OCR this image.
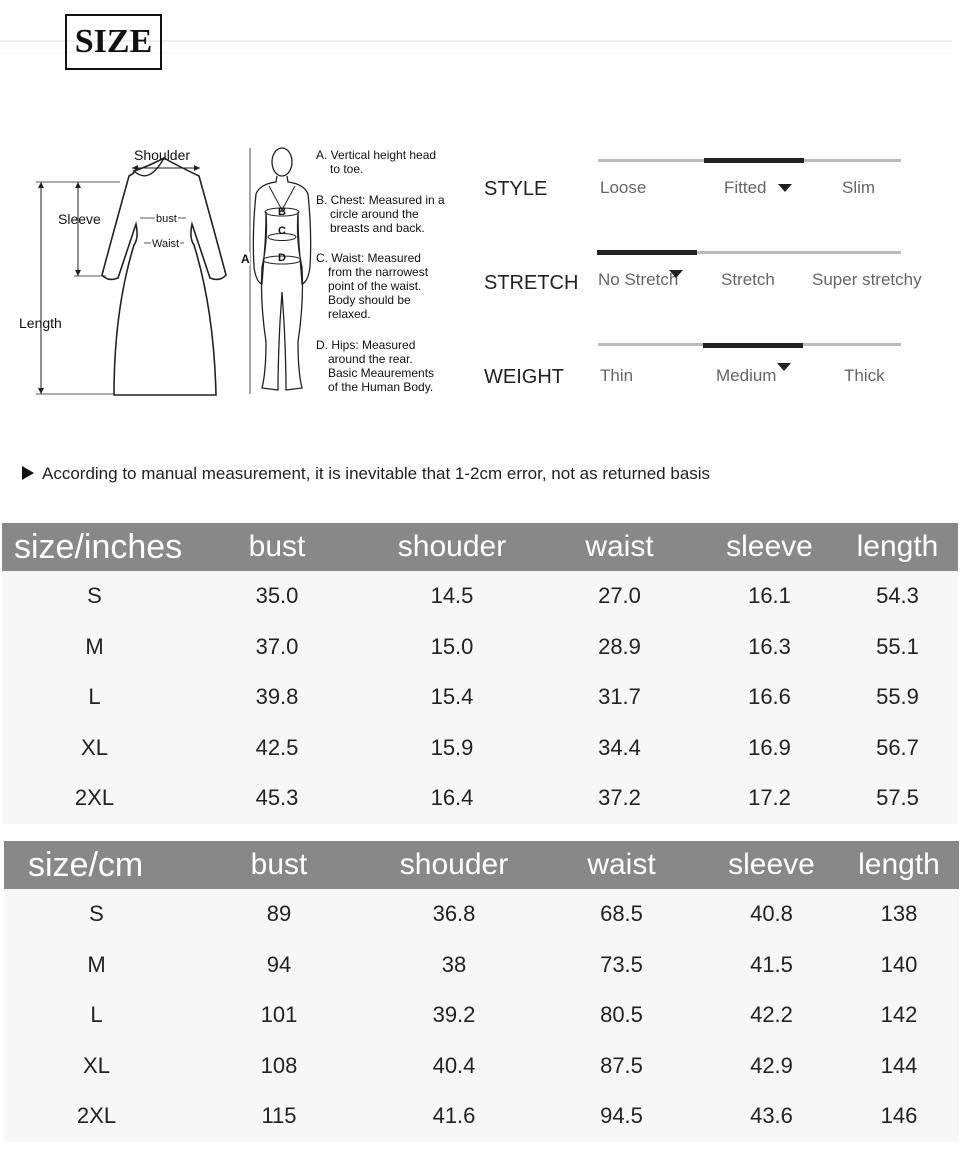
SIZE
Shoulder
Sleeve	bust
Waist
Length
A
B
C
D
A. Vertical height head
to toe.
B. Chest: Measured in a
circle around the
breasts and back.
C. Waist: Measured
from the narrowest
point of the waist.
Body should be
relaxed.
D. Hips: Measured
around the rear.
Basic Meaurements
of the Human Body.
STYLE	Loose	Fitted	Slim
STRETCH No Stretch	Stretch Super stretchy
WEIGHT Thin	Medium	Thick
According to manual measurement, it is inevitable that 1-2cm error, not as returned basis
size/inches	bust	shouder	waist	sleeve	length
S	35.0	14.5	27.0	16.1	54.3
M	37.0	15.0	28.9	16.3	55.1
L	39.8	15.4	31.7	16.6	55.9
XL	42.5	15.9	34.4	16.9	56.7
2XL	45.3	16.4	37.2	17.2	57.5
size/cm	bust	shouder	waist	sleeve	length
S	89	36.8	68.5	40.8	138
M	94	38	73.5	41.5	140
L	101	39.2	80.5	42.2	142
XL	108	40.4	87.5	42.9	144
2XL	115	41.6	94.5	43.6	146
